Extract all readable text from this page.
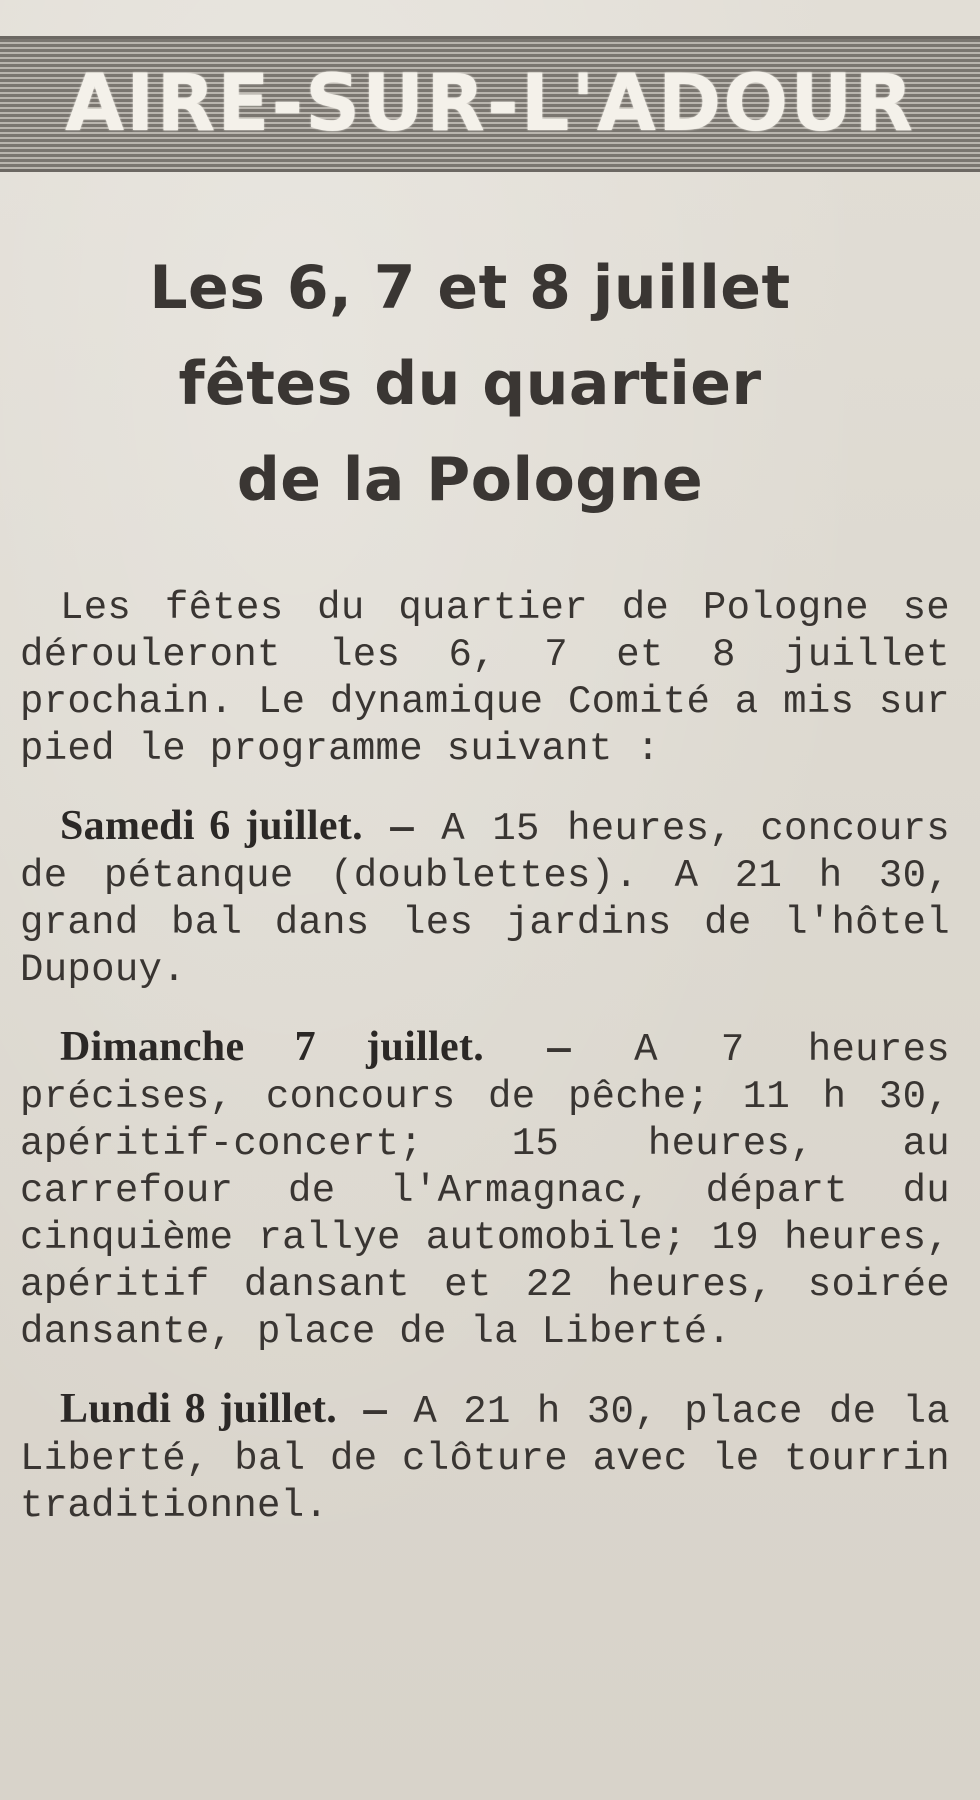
AIRE-SUR-L'ADOUR
Les 6, 7 et 8 juillet
fêtes du quartier
de la Pologne

Les fêtes du quartier de Pologne se dérouleront les 6, 7 et 8 juillet prochain. Le dynamique Comité a mis sur pied le programme suivant :

Samedi 6 juillet. — A 15 heures, concours de pétanque (doublettes). A 21 h 30, grand bal dans les jardins de l'hôtel Dupouy.

Dimanche 7 juillet. — A 7 heures précises, concours de pêche; 11 h 30, apéritif-concert; 15 heures, au carrefour de l'Armagnac, départ du cinquième rallye automobile; 19 heures, apéritif dansant et 22 heures, soirée dansante, place de la Liberté.

Lundi 8 juillet. — A 21 h 30, place de la Liberté, bal de clôture avec le tourrin traditionnel.
